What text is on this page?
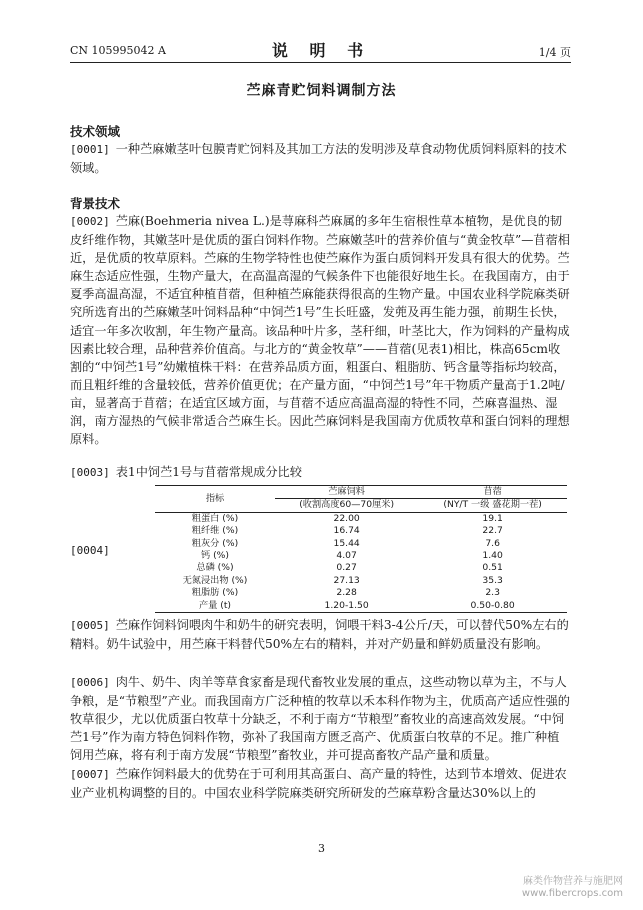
CN 105995042 A	说 明 书	1/4 页
苎麻青贮饲料调制方法
技术领域
[0001] 一种苎麻嫩茎叶包膜青贮饲料及其加工方法的发明涉及草食动物优质饲料原料的技术领域。
背景技术
[0002] 苎麻(Boehmeria nivea L.)是荨麻科苎麻属的多年生宿根性草本植物，是优良的韧皮纤维作物，其嫩茎叶是优质的蛋白饲料作物。苎麻嫩茎叶的营养价值与“黄金牧草”—苜蓿相近，是优质的牧草原料。苎麻的生物学特性也使苎麻作为蛋白质饲料开发具有很大的优势。苎麻生态适应性强，生物产量大，在高温高湿的气候条件下也能很好地生长。在我国南方，由于夏季高温高湿，不适宜种植苜蓿，但种植苎麻能获得很高的生物产量。中国农业科学院麻类研究所选育出的苎麻嫩茎叶饲料品种“中饲苎1号”生长旺盛，发蔸及再生能力强，前期生长快，适宜一年多次收割，年生物产量高。该品种叶片多，茎秆细，叶茎比大，作为饲料的产量构成因素比较合理，品种营养价值高。与北方的“黄金牧草”——苜蓿(见表1)相比，株高65cm收割的“中饲苎1号”幼嫩植株干料：在营养品质方面，粗蛋白、粗脂肪、钙含量等指标均较高，而且粗纤维的含量较低，营养价值更优；在产量方面，“中饲苎1号”年干物质产量高于1.2吨/亩，显著高于苜蓿；在适宜区域方面，与苜蓿不适应高温高湿的特性不同，苎麻喜温热、湿润，南方湿热的气候非常适合苎麻生长。因此苎麻饲料是我国南方优质牧草和蛋白饲料的理想原料。
[0003] 表1中饲苎1号与苜蓿常规成分比较
[0004]
指标	苎麻饲料	苜蓿
	(收割高度60—70厘米)	(NY/T 一级 盛花期一茬)
粗蛋白 (%)	22.00	19.1
粗纤维 (%)	16.74	22.7
粗灰分 (%)	15.44	7.6
钙 (%)	4.07	1.40
总磷 (%)	0.27	0.51
无氮浸出物 (%)	27.13	35.3
粗脂肪 (%)	2.28	2.3
产量 (t)	1.20-1.50	0.50-0.80
[0005] 苎麻作饲料饲喂肉牛和奶牛的研究表明，饲喂干料3-4公斤/天，可以替代50%左右的精料。奶牛试验中，用苎麻干料替代50%左右的精料，并对产奶量和鲜奶质量没有影响。
[0006] 肉牛、奶牛、肉羊等草食家畜是现代畜牧业发展的重点，这些动物以草为主，不与人争粮，是“节粮型”产业。而我国南方广泛种植的牧草以禾本科作物为主，优质高产适应性强的牧草很少，尤以优质蛋白牧草十分缺乏，不利于南方“节粮型”畜牧业的高速高效发展。“中饲苎1号”作为南方特色饲料作物，弥补了我国南方匮乏高产、优质蛋白牧草的不足。推广种植饲用苎麻，将有利于南方发展“节粮型”畜牧业，并可提高畜牧产品产量和质量。
[0007] 苎麻作饲料最大的优势在于可利用其高蛋白、高产量的特性，达到节本增效、促进农业产业机构调整的目的。中国农业科学院麻类研究所研发的苎麻草粉含量达30%以上的
3
麻类作物营养与施肥网
www.fibercrops.com
